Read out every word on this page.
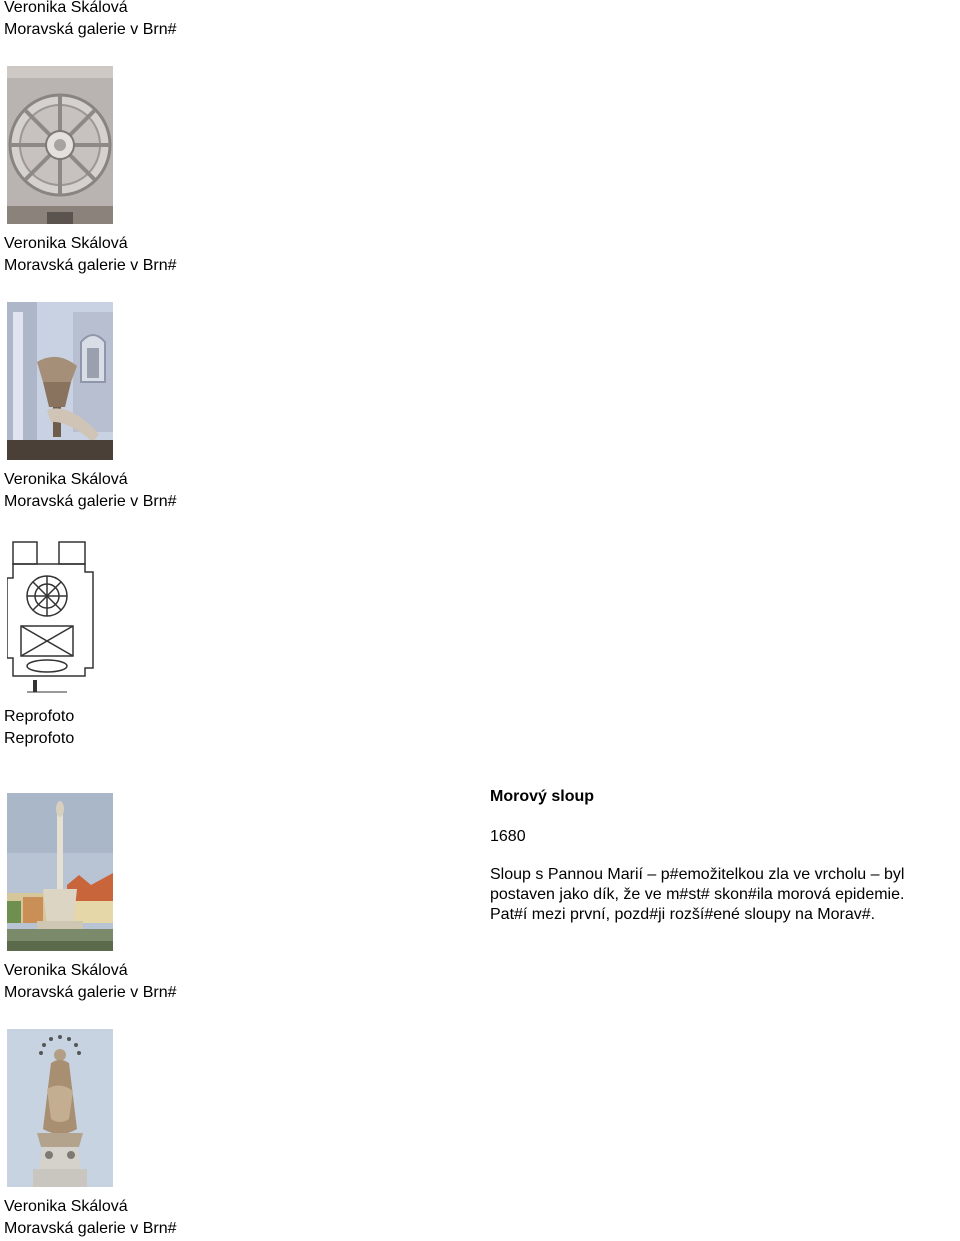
Veronika Skálová
Moravská galerie v Brn#
Veronika Skálová
Moravská galerie v Brn#
Veronika Skálová
Moravská galerie v Brn#
Reprofoto
Reprofoto
Morový sloup
1680
Sloup s Pannou Marií – p#emožitelkou zla ve vrcholu – byl
postaven jako dík, že ve m#st# skon#ila morová epidemie.
Pat#í mezi první, pozd#ji rozší#ené sloupy na Morav#.
Veronika Skálová
Moravská galerie v Brn#
Veronika Skálová
Moravská galerie v Brn#
